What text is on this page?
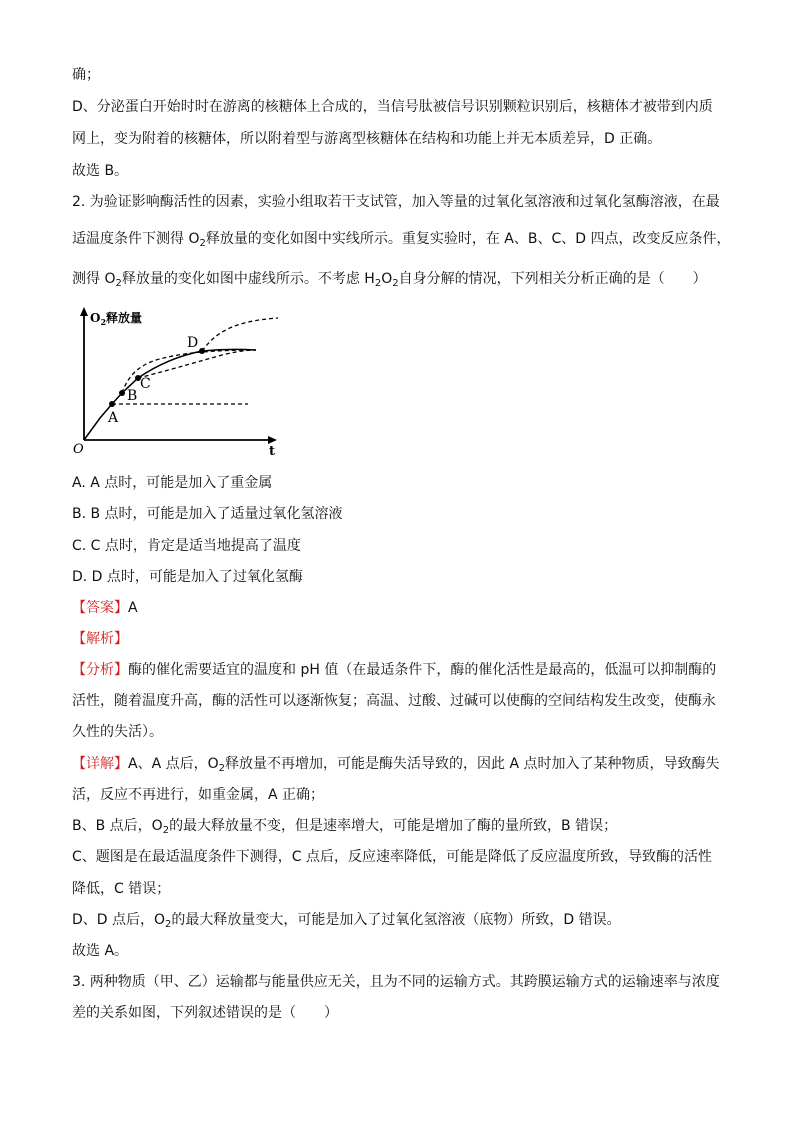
确；
D、分泌蛋白开始时时在游离的核糖体上合成的，当信号肽被信号识别颗粒识别后，核糖体才被带到内质
网上，变为附着的核糖体，所以附着型与游离型核糖体在结构和功能上并无本质差异，D 正确。
故选 B。
2. 为验证影响酶活性的因素，实验小组取若干支试管，加入等量的过氧化氢溶液和过氧化氢酶溶液，在最
适温度条件下测得 $O_2$释放量的变化如图中实线所示。重复实验时，在 A、B、C、D 四点，改变反应条件，
测得 $O_2$释放量的变化如图中虚线所示。不考虑 $H_2O_2$自身分解的情况，下列相关分析正确的是（　　）
$O_2$释放量
t
O
A
B
C
D
A. A 点时，可能是加入了重金属
B. B 点时，可能是加入了适量过氧化氢溶液
C. C 点时，肯定是适当地提高了温度
D. D 点时，可能是加入了过氧化氢酶
【答案】A
【解析】
【分析】酶的催化需要适宜的温度和 pH 值（在最适条件下，酶的催化活性是最高的，低温可以抑制酶的
活性，随着温度升高，酶的活性可以逐渐恢复；高温、过酸、过碱可以使酶的空间结构发生改变，使酶永
久性的失活）。
【详解】A、A 点后，$O_2$释放量不再增加，可能是酶失活导致的，因此 A 点时加入了某种物质，导致酶失
活，反应不再进行，如重金属，A 正确；
B、B 点后，$O_2$的最大释放量不变，但是速率增大，可能是增加了酶的量所致，B 错误；
C、题图是在最适温度条件下测得，C 点后，反应速率降低，可能是降低了反应温度所致，导致酶的活性
降低，C 错误；
D、D 点后，$O_2$的最大释放量变大，可能是加入了过氧化氢溶液（底物）所致，D 错误。
故选 A。
3. 两种物质（甲、乙）运输都与能量供应无关，且为不同的运输方式。其跨膜运输方式的运输速率与浓度
差的关系如图，下列叙述错误的是（　　）
